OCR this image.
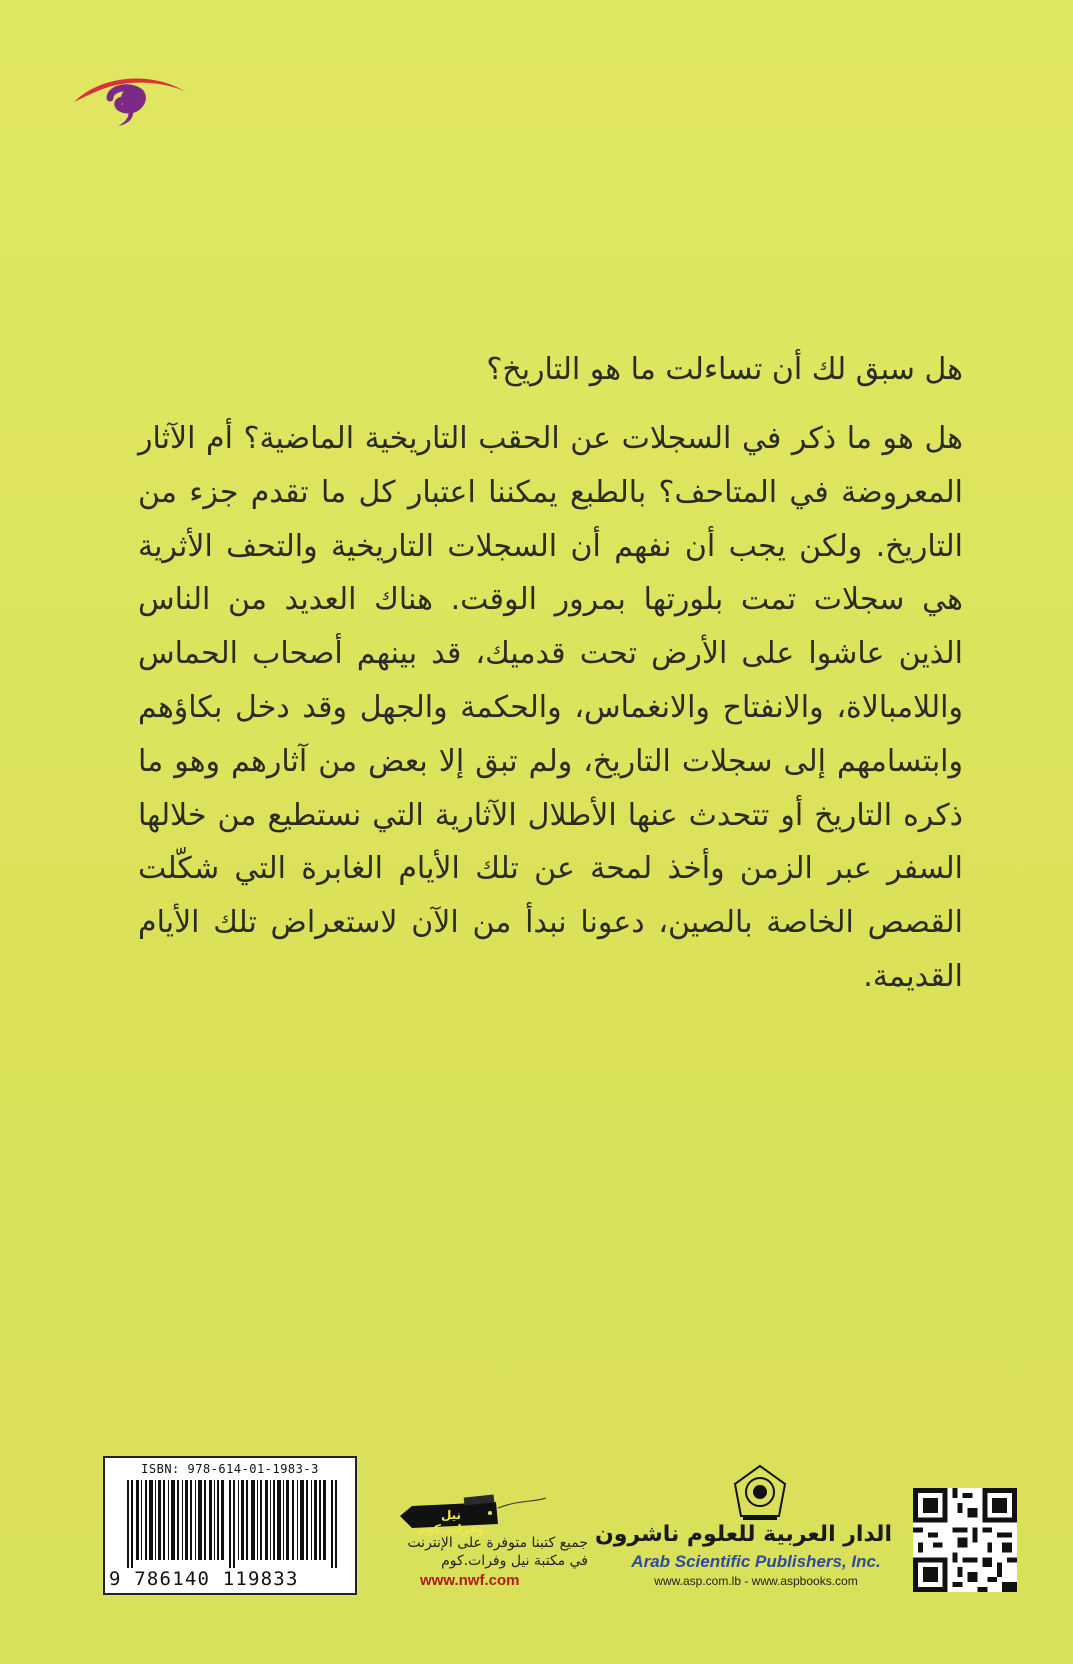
هل سبق لك أن تساءلت ما هو التاريخ؟

هل هو ما ذكر في السجلات عن الحقب التاريخية الماضية؟ أم الآثار المعروضة في المتاحف؟ بالطبع يمكننا اعتبار كل ما تقدم جزء من التاريخ. ولكن يجب أن نفهم أن السجلات التاريخية والتحف الأثرية هي سجلات تمت بلورتها بمرور الوقت. هناك العديد من الناس الذين عاشوا على الأرض تحت قدميك، قد بينهم أصحاب الحماس واللامبالاة، والانفتاح والانغماس، والحكمة والجهل وقد دخل بكاؤهم وابتسامهم إلى سجلات التاريخ، ولم تبق إلا بعض من آثارهم وهو ما ذكره التاريخ أو تتحدث عنها الأطلال الآثارية التي نستطيع من خلالها السفر عبر الزمن وأخذ لمحة عن تلك الأيام الغابرة التي شكّلت القصص الخاصة بالصين، دعونا نبدأ من الآن لاستعراض تلك الأيام القديمة.

ISBN: 978-614-01-1983-3
9 786140 119833
نيل وفرات.كوم
جميع كتبنا متوفرة على الإنترنت
في مكتبة نيل وفرات.كوم
www.nwf.com
الدار العربية للعلوم ناشرون
Arab Scientific Publishers, Inc.
www.asp.com.lb - www.aspbooks.com
